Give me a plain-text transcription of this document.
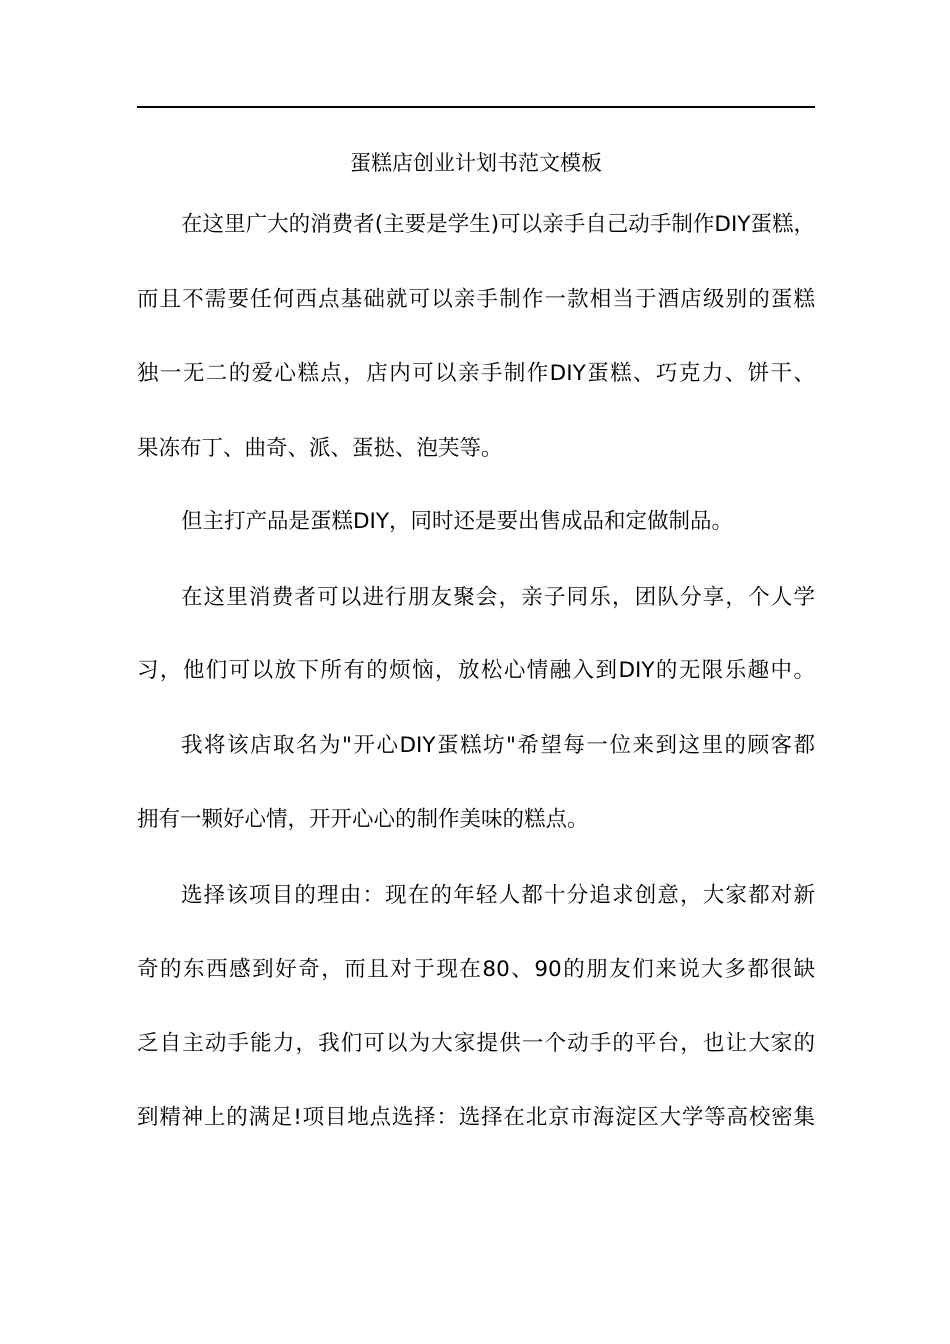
蛋糕店创业计划书范文模板
在这里广大的消费者(主要是学生)可以亲手自己动手制作DIY蛋糕，
而且不需要任何西点基础就可以亲手制作一款相当于酒店级别的蛋糕
独一无二的爱心糕点，店内可以亲手制作DIY蛋糕、巧克力、饼干、
果冻布丁、曲奇、派、蛋挞、泡芙等。
但主打产品是蛋糕DIY，同时还是要出售成品和定做制品。
在这里消费者可以进行朋友聚会，亲子同乐，团队分享，个人学
习，他们可以放下所有的烦恼，放松心情融入到DIY的无限乐趣中。
我将该店取名为"开心DIY蛋糕坊"希望每一位来到这里的顾客都
拥有一颗好心情，开开心心的制作美味的糕点。
选择该项目的理由：现在的年轻人都十分追求创意，大家都对新
奇的东西感到好奇，而且对于现在80、90的朋友们来说大多都很缺
乏自主动手能力，我们可以为大家提供一个动手的平台，也让大家的
到精神上的满足!项目地点选择：选择在北京市海淀区大学等高校密集
